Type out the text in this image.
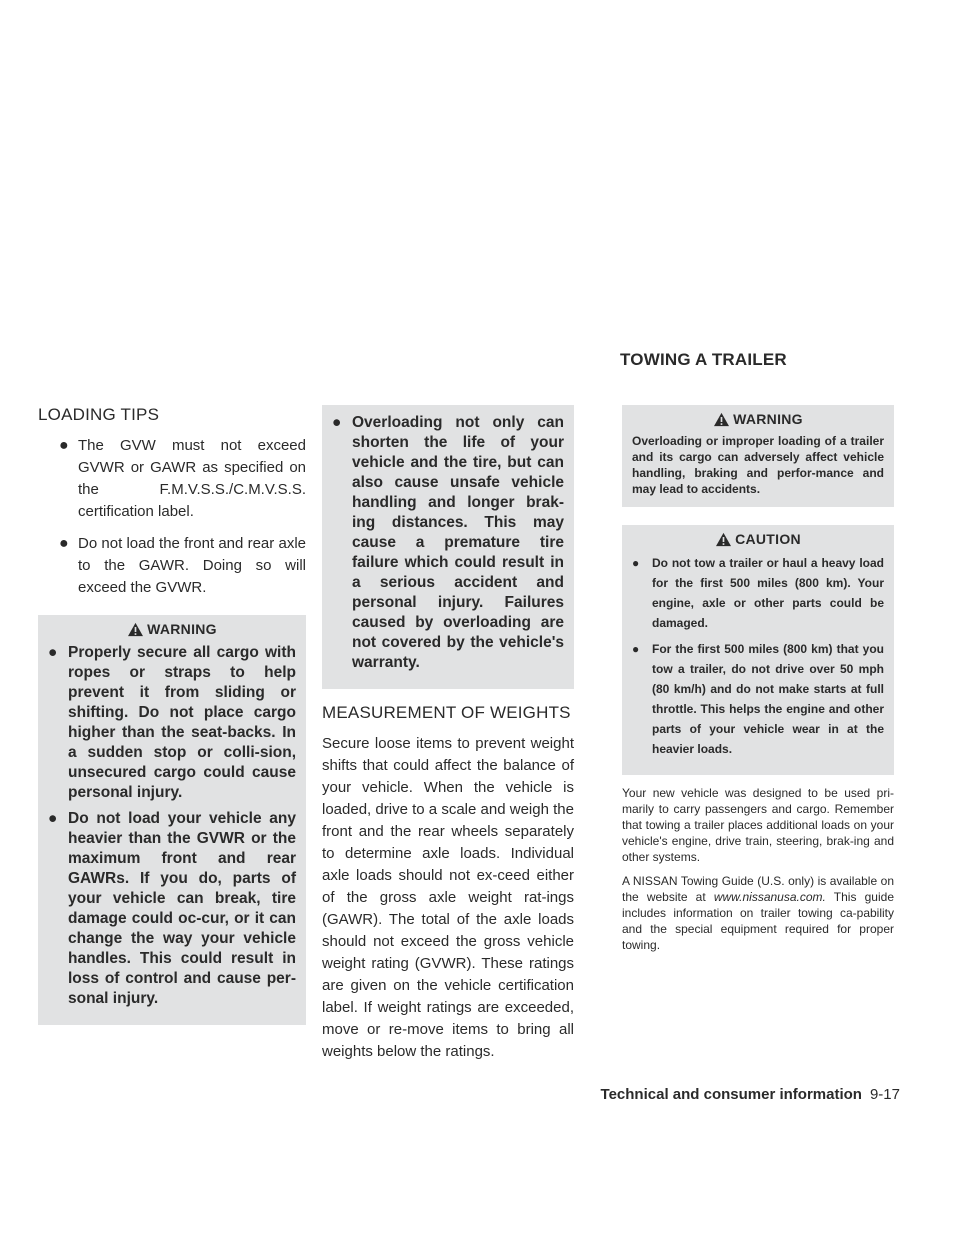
TOWING A TRAILER
LOADING TIPS
● The GVW must not exceed GVWR or GAWR as specified on the F.M.V.S.S./C.M.V.S.S. certification label.
● Do not load the front and rear axle to the GAWR. Doing so will exceed the GVWR.
WARNING
● Properly secure all cargo with ropes or straps to help prevent it from sliding or shifting. Do not place cargo higher than the seat-backs. In a sudden stop or colli-sion, unsecured cargo could cause personal injury.
● Do not load your vehicle any heavier than the GVWR or the maximum front and rear GAWRs. If you do, parts of your vehicle can break, tire damage could oc-cur, or it can change the way your vehicle handles. This could result in loss of control and cause per-sonal injury.
● Overloading not only can shorten the life of your vehicle and the tire, but can also cause unsafe vehicle handling and longer brak-ing distances. This may cause a premature tire failure which could result in a serious accident and personal injury. Failures caused by overloading are not covered by the vehicle's warranty.
MEASUREMENT OF WEIGHTS

Secure loose items to prevent weight shifts that could affect the balance of your vehicle. When the vehicle is loaded, drive to a scale and weigh the front and the rear wheels separately to determine axle loads. Individual axle loads should not ex-ceed either of the gross axle weight rat-ings (GAWR). The total of the axle loads should not exceed the gross vehicle weight rating (GVWR). These ratings are given on the vehicle certification label. If weight ratings are exceeded, move or re-move items to bring all weights below the ratings.

WARNING

Overloading or improper loading of a trailer and its cargo can adversely affect vehicle handling, braking and perfor-mance and may lead to accidents.

CAUTION
● Do not tow a trailer or haul a heavy load for the first 500 miles (800 km). Your engine, axle or other parts could be damaged.
● For the first 500 miles (800 km) that you tow a trailer, do not drive over 50 mph (80 km/h) and do not make starts at full throttle. This helps the engine and other parts of your vehicle wear in at the heavier loads.

Your new vehicle was designed to be used pri-marily to carry passengers and cargo. Remember that towing a trailer places additional loads on your vehicle's engine, drive train, steering, brak-ing and other systems.

A NISSAN Towing Guide (U.S. only) is available on the website at www.nissanusa.com. This guide includes information on trailer towing ca-pability and the special equipment required for proper towing.

Technical and consumer information 9-17
